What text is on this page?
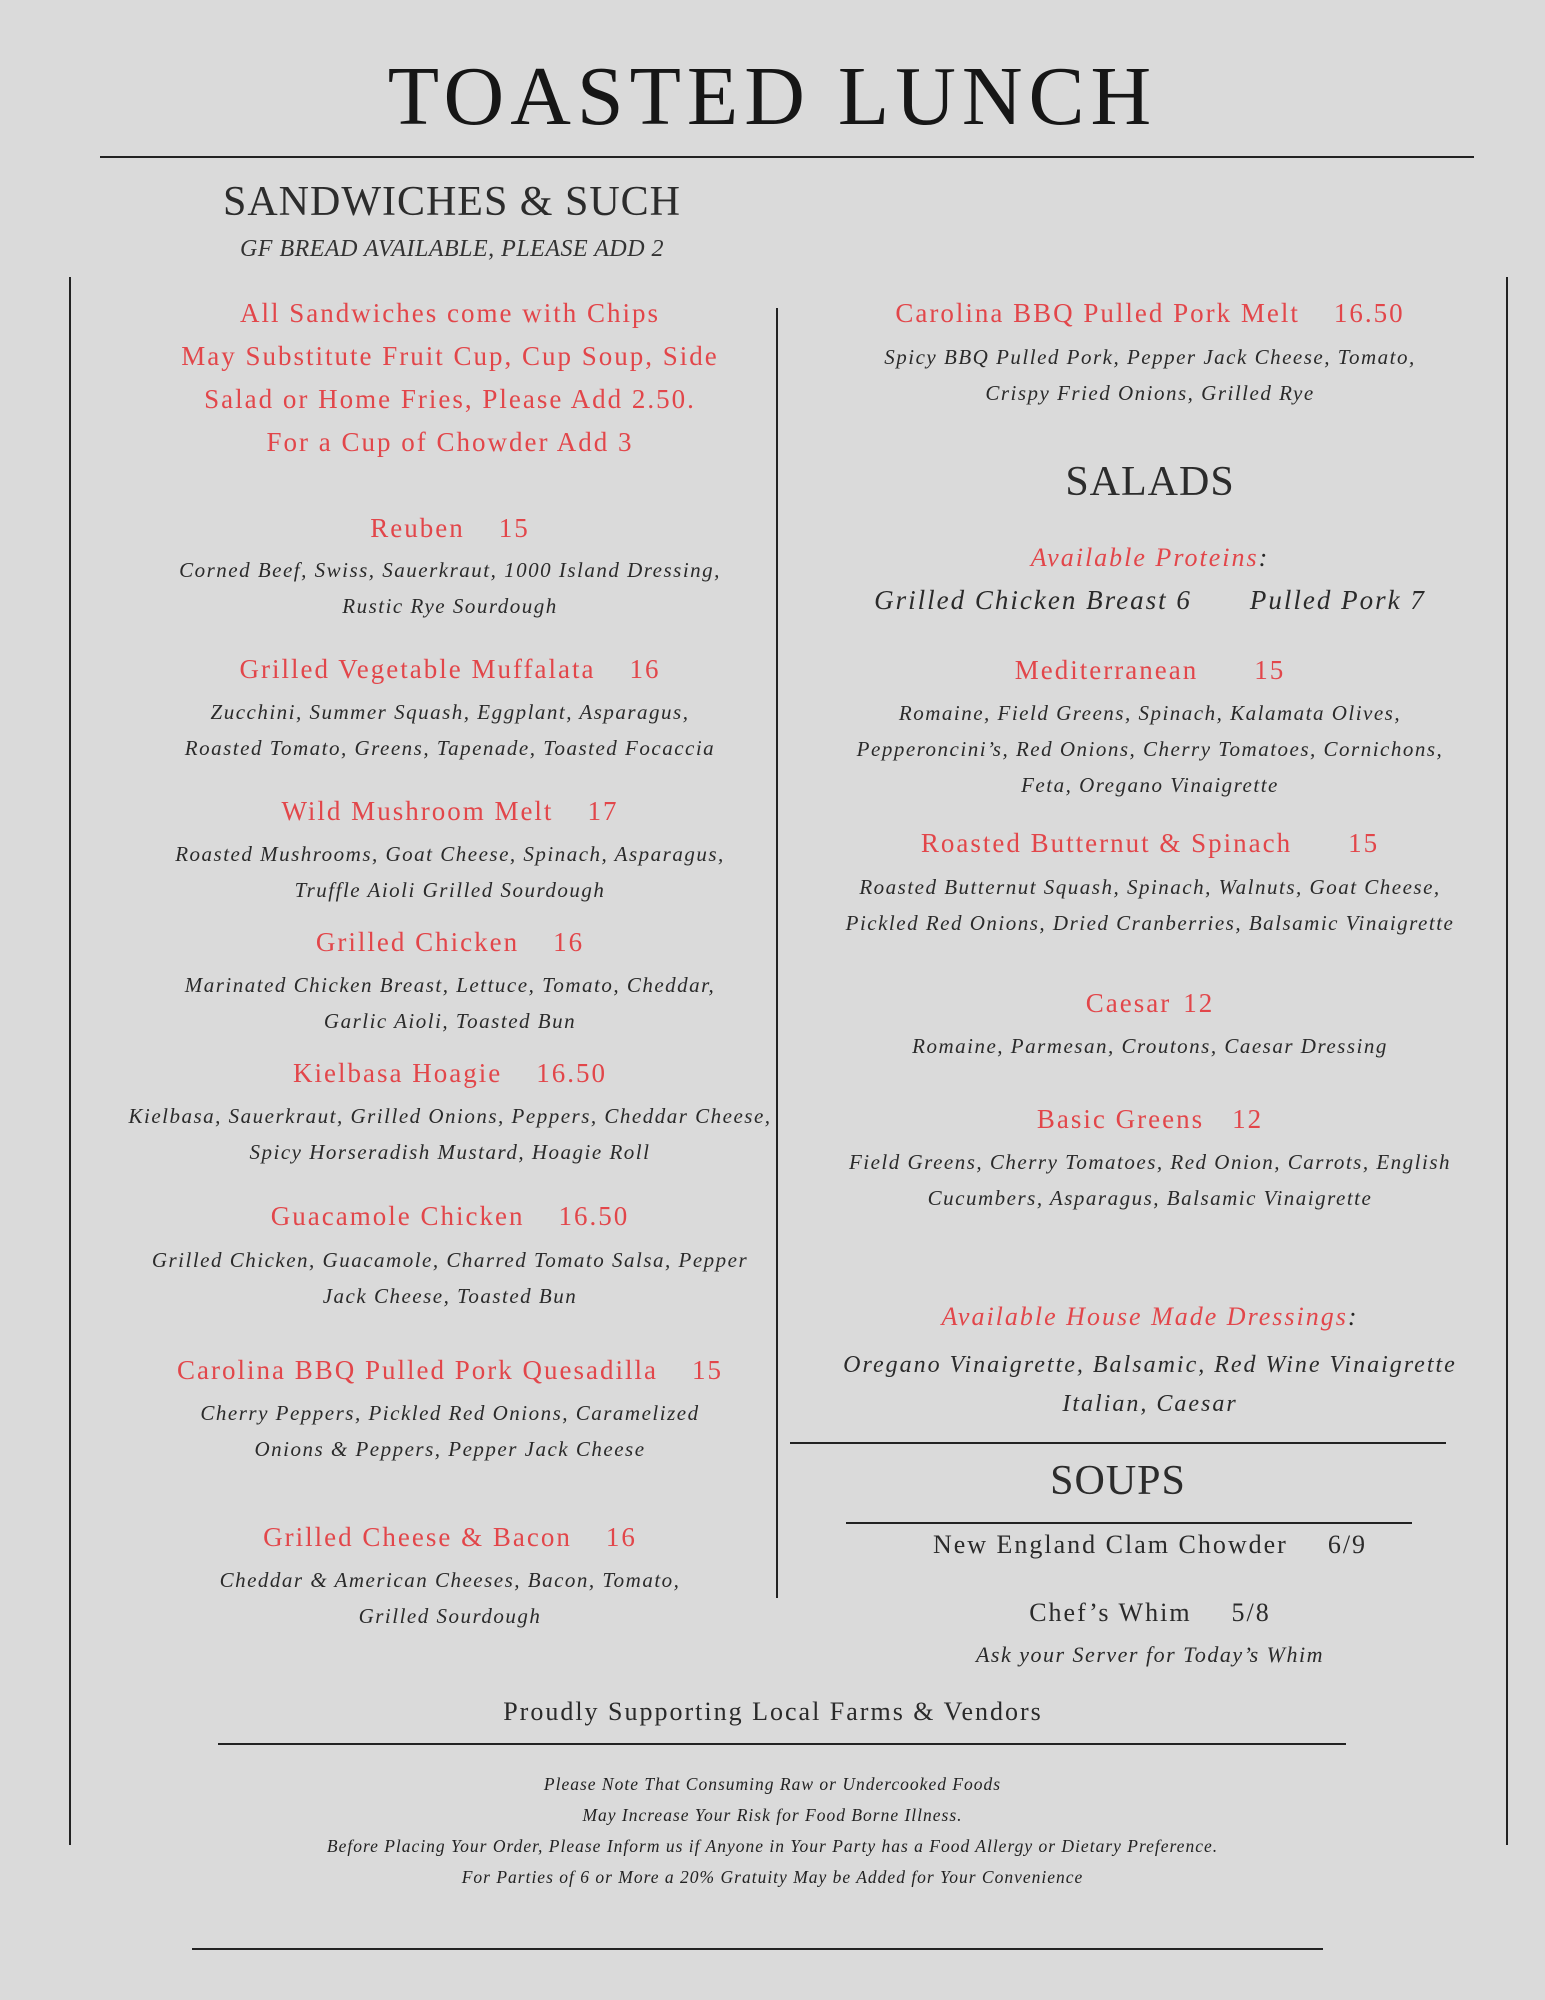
TOASTED LUNCH
SANDWICHES & SUCH
GF BREAD AVAILABLE, PLEASE ADD 2
All Sandwiches come with Chips
May Substitute Fruit Cup, Cup Soup, Side
Salad or Home Fries, Please Add 2.50.
For a Cup of Chowder Add 3
Reuben 15
Corned Beef, Swiss, Sauerkraut, 1000 Island Dressing,
Rustic Rye Sourdough
Grilled Vegetable Muffalata 16
Zucchini, Summer Squash, Eggplant, Asparagus,
Roasted Tomato, Greens, Tapenade, Toasted Focaccia
Wild Mushroom Melt 17
Roasted Mushrooms, Goat Cheese, Spinach, Asparagus,
Truffle Aioli Grilled Sourdough
Grilled Chicken 16
Marinated Chicken Breast, Lettuce, Tomato, Cheddar,
Garlic Aioli, Toasted Bun
Kielbasa Hoagie 16.50
Kielbasa, Sauerkraut, Grilled Onions, Peppers, Cheddar Cheese,
Spicy Horseradish Mustard, Hoagie Roll
Guacamole Chicken 16.50
Grilled Chicken, Guacamole, Charred Tomato Salsa, Pepper
Jack Cheese, Toasted Bun
Carolina BBQ Pulled Pork Quesadilla 15
Cherry Peppers, Pickled Red Onions, Caramelized
Onions & Peppers, Pepper Jack Cheese
Grilled Cheese & Bacon 16
Cheddar & American Cheeses, Bacon, Tomato,
Grilled Sourdough
Carolina BBQ Pulled Pork Melt 16.50
Spicy BBQ Pulled Pork, Pepper Jack Cheese, Tomato,
Crispy Fried Onions, Grilled Rye
SALADS
Available Proteins:
Grilled Chicken Breast 6 Pulled Pork 7
Mediterranean 15
Romaine, Field Greens, Spinach, Kalamata Olives,
Pepperoncini’s, Red Onions, Cherry Tomatoes, Cornichons,
Feta, Oregano Vinaigrette
Roasted Butternut & Spinach 15
Roasted Butternut Squash, Spinach, Walnuts, Goat Cheese,
Pickled Red Onions, Dried Cranberries, Balsamic Vinaigrette
Caesar 12
Romaine, Parmesan, Croutons, Caesar Dressing
Basic Greens 12
Field Greens, Cherry Tomatoes, Red Onion, Carrots, English
Cucumbers, Asparagus, Balsamic Vinaigrette
Available House Made Dressings:
Oregano Vinaigrette, Balsamic, Red Wine Vinaigrette
Italian, Caesar
SOUPS
New England Clam Chowder 6/9
Chef’s Whim 5/8
Ask your Server for Today’s Whim
Proudly Supporting Local Farms & Vendors
Please Note That Consuming Raw or Undercooked Foods
May Increase Your Risk for Food Borne Illness.
Before Placing Your Order, Please Inform us if Anyone in Your Party has a Food Allergy or Dietary Preference.
For Parties of 6 or More a 20% Gratuity May be Added for Your Convenience
